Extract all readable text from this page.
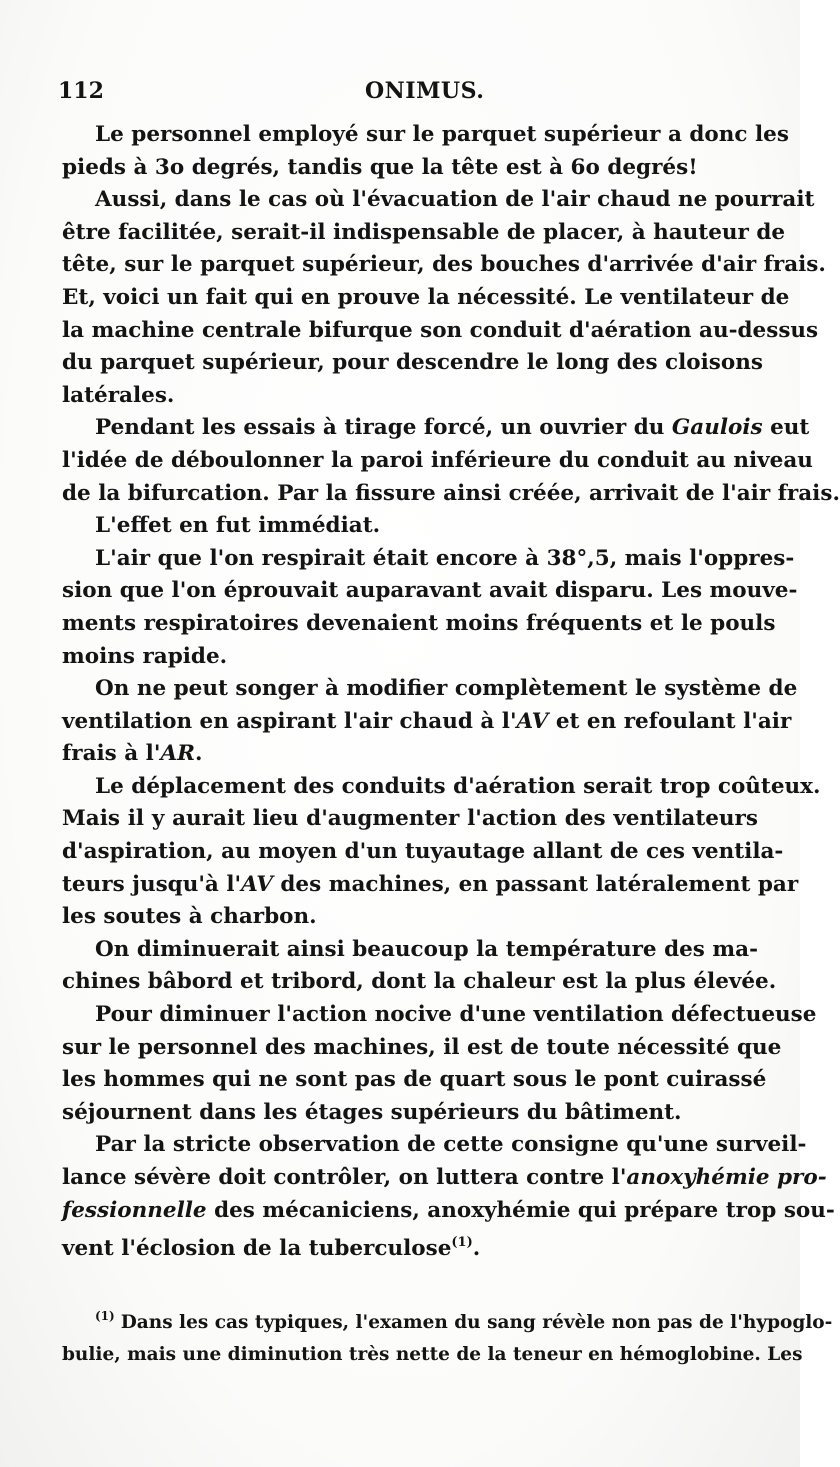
112	ONIMUS.
Le personnel employé sur le parquet supérieur a donc les
pieds à 3o degrés, tandis que la tête est à 6o degrés!
Aussi, dans le cas où l'évacuation de l'air chaud ne pourrait
être facilitée, serait-il indispensable de placer, à hauteur de
tête, sur le parquet supérieur, des bouches d'arrivée d'air frais.
Et, voici un fait qui en prouve la nécessité. Le ventilateur de
la machine centrale bifurque son conduit d'aération au-dessus
du parquet supérieur, pour descendre le long des cloisons
latérales.
Pendant les essais à tirage forcé, un ouvrier du Gaulois eut
l'idée de déboulonner la paroi inférieure du conduit au niveau
de la bifurcation. Par la fissure ainsi créée, arrivait de l'air frais.
L'effet en fut immédiat.
L'air que l'on respirait était encore à 38°,5, mais l'oppres-
sion que l'on éprouvait auparavant avait disparu. Les mouve-
ments respiratoires devenaient moins fréquents et le pouls
moins rapide.
On ne peut songer à modifier complètement le système de
ventilation en aspirant l'air chaud à l'AV et en refoulant l'air
frais à l'AR.
Le déplacement des conduits d'aération serait trop coûteux.
Mais il y aurait lieu d'augmenter l'action des ventilateurs
d'aspiration, au moyen d'un tuyautage allant de ces ventila-
teurs jusqu'à l'AV des machines, en passant latéralement par
les soutes à charbon.
On diminuerait ainsi beaucoup la température des ma-
chines bâbord et tribord, dont la chaleur est la plus élevée.
Pour diminuer l'action nocive d'une ventilation défectueuse
sur le personnel des machines, il est de toute nécessité que
les hommes qui ne sont pas de quart sous le pont cuirassé
séjournent dans les étages supérieurs du bâtiment.
Par la stricte observation de cette consigne qu'une surveil-
lance sévère doit contrôler, on luttera contre l'anoxyhémie pro-
fessionnelle des mécaniciens, anoxyhémie qui prépare trop sou-
vent l'éclosion de la tuberculose$^{(1)}$.
$^{(1)}$ Dans les cas typiques, l'examen du sang révèle non pas de l'hypoglo-
bulie, mais une diminution très nette de la teneur en hémoglobine. Les
